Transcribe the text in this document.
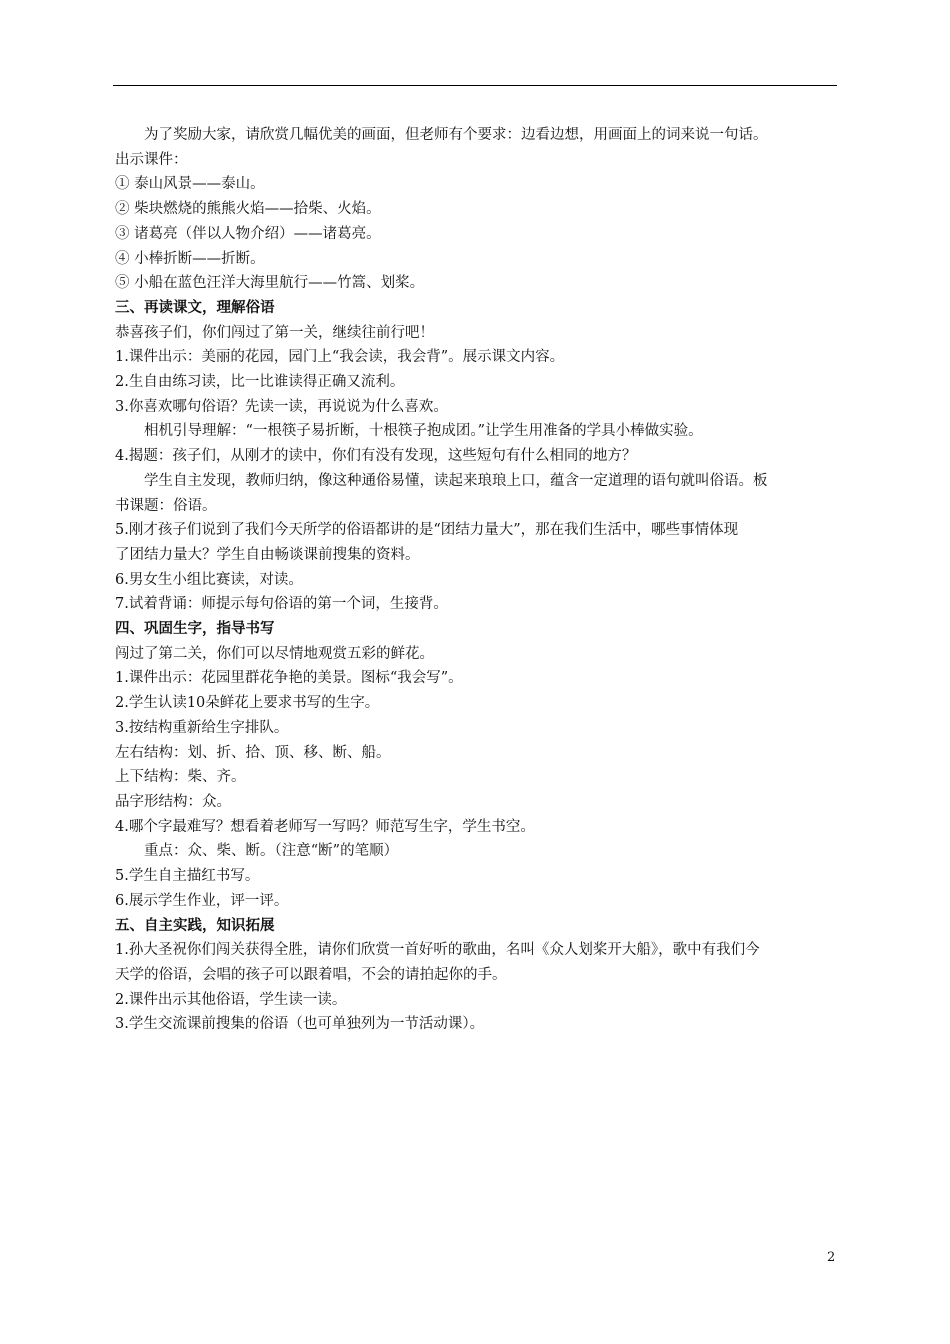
为了奖励大家，请欣赏几幅优美的画面，但老师有个要求：边看边想，用画面上的词来说一句话。
出示课件：
① 泰山风景——泰山。
② 柴块燃烧的熊熊火焰——拾柴、火焰。
③ 诸葛亮（伴以人物介绍）——诸葛亮。
④ 小棒折断——折断。
⑤ 小船在蓝色汪洋大海里航行——竹篙、划桨。
三、再读课文，理解俗语
恭喜孩子们，你们闯过了第一关，继续往前行吧！
1.课件出示：美丽的花园，园门上“我会读，我会背”。展示课文内容。
2.生自由练习读，比一比谁读得正确又流利。
3.你喜欢哪句俗语？先读一读，再说说为什么喜欢。
相机引导理解：“一根筷子易折断，十根筷子抱成团。”让学生用准备的学具小棒做实验。
4.揭题：孩子们，从刚才的读中，你们有没有发现，这些短句有什么相同的地方？
学生自主发现，教师归纳，像这种通俗易懂，读起来琅琅上口，蕴含一定道理的语句就叫俗语。板
书课题：俗语。
5.刚才孩子们说到了我们今天所学的俗语都讲的是“团结力量大”，那在我们生活中，哪些事情体现
了团结力量大？学生自由畅谈课前搜集的资料。
6.男女生小组比赛读，对读。
7.试着背诵：师提示每句俗语的第一个词，生接背。
四、巩固生字，指导书写
闯过了第二关，你们可以尽情地观赏五彩的鲜花。
1.课件出示：花园里群花争艳的美景。图标“我会写”。
2.学生认读10朵鲜花上要求书写的生字。
3.按结构重新给生字排队。
左右结构：划、折、拾、顶、移、断、船。
上下结构：柴、齐。
品字形结构：众。
4.哪个字最难写？想看着老师写一写吗？师范写生字，学生书空。
重点：众、柴、断。（注意“断”的笔顺）
5.学生自主描红书写。
6.展示学生作业，评一评。
五、自主实践，知识拓展
1.孙大圣祝你们闯关获得全胜，请你们欣赏一首好听的歌曲，名叫《众人划桨开大船》，歌中有我们今
天学的俗语，会唱的孩子可以跟着唱，不会的请拍起你的手。
2.课件出示其他俗语，学生读一读。
3.学生交流课前搜集的俗语（也可单独列为一节活动课）。
2
